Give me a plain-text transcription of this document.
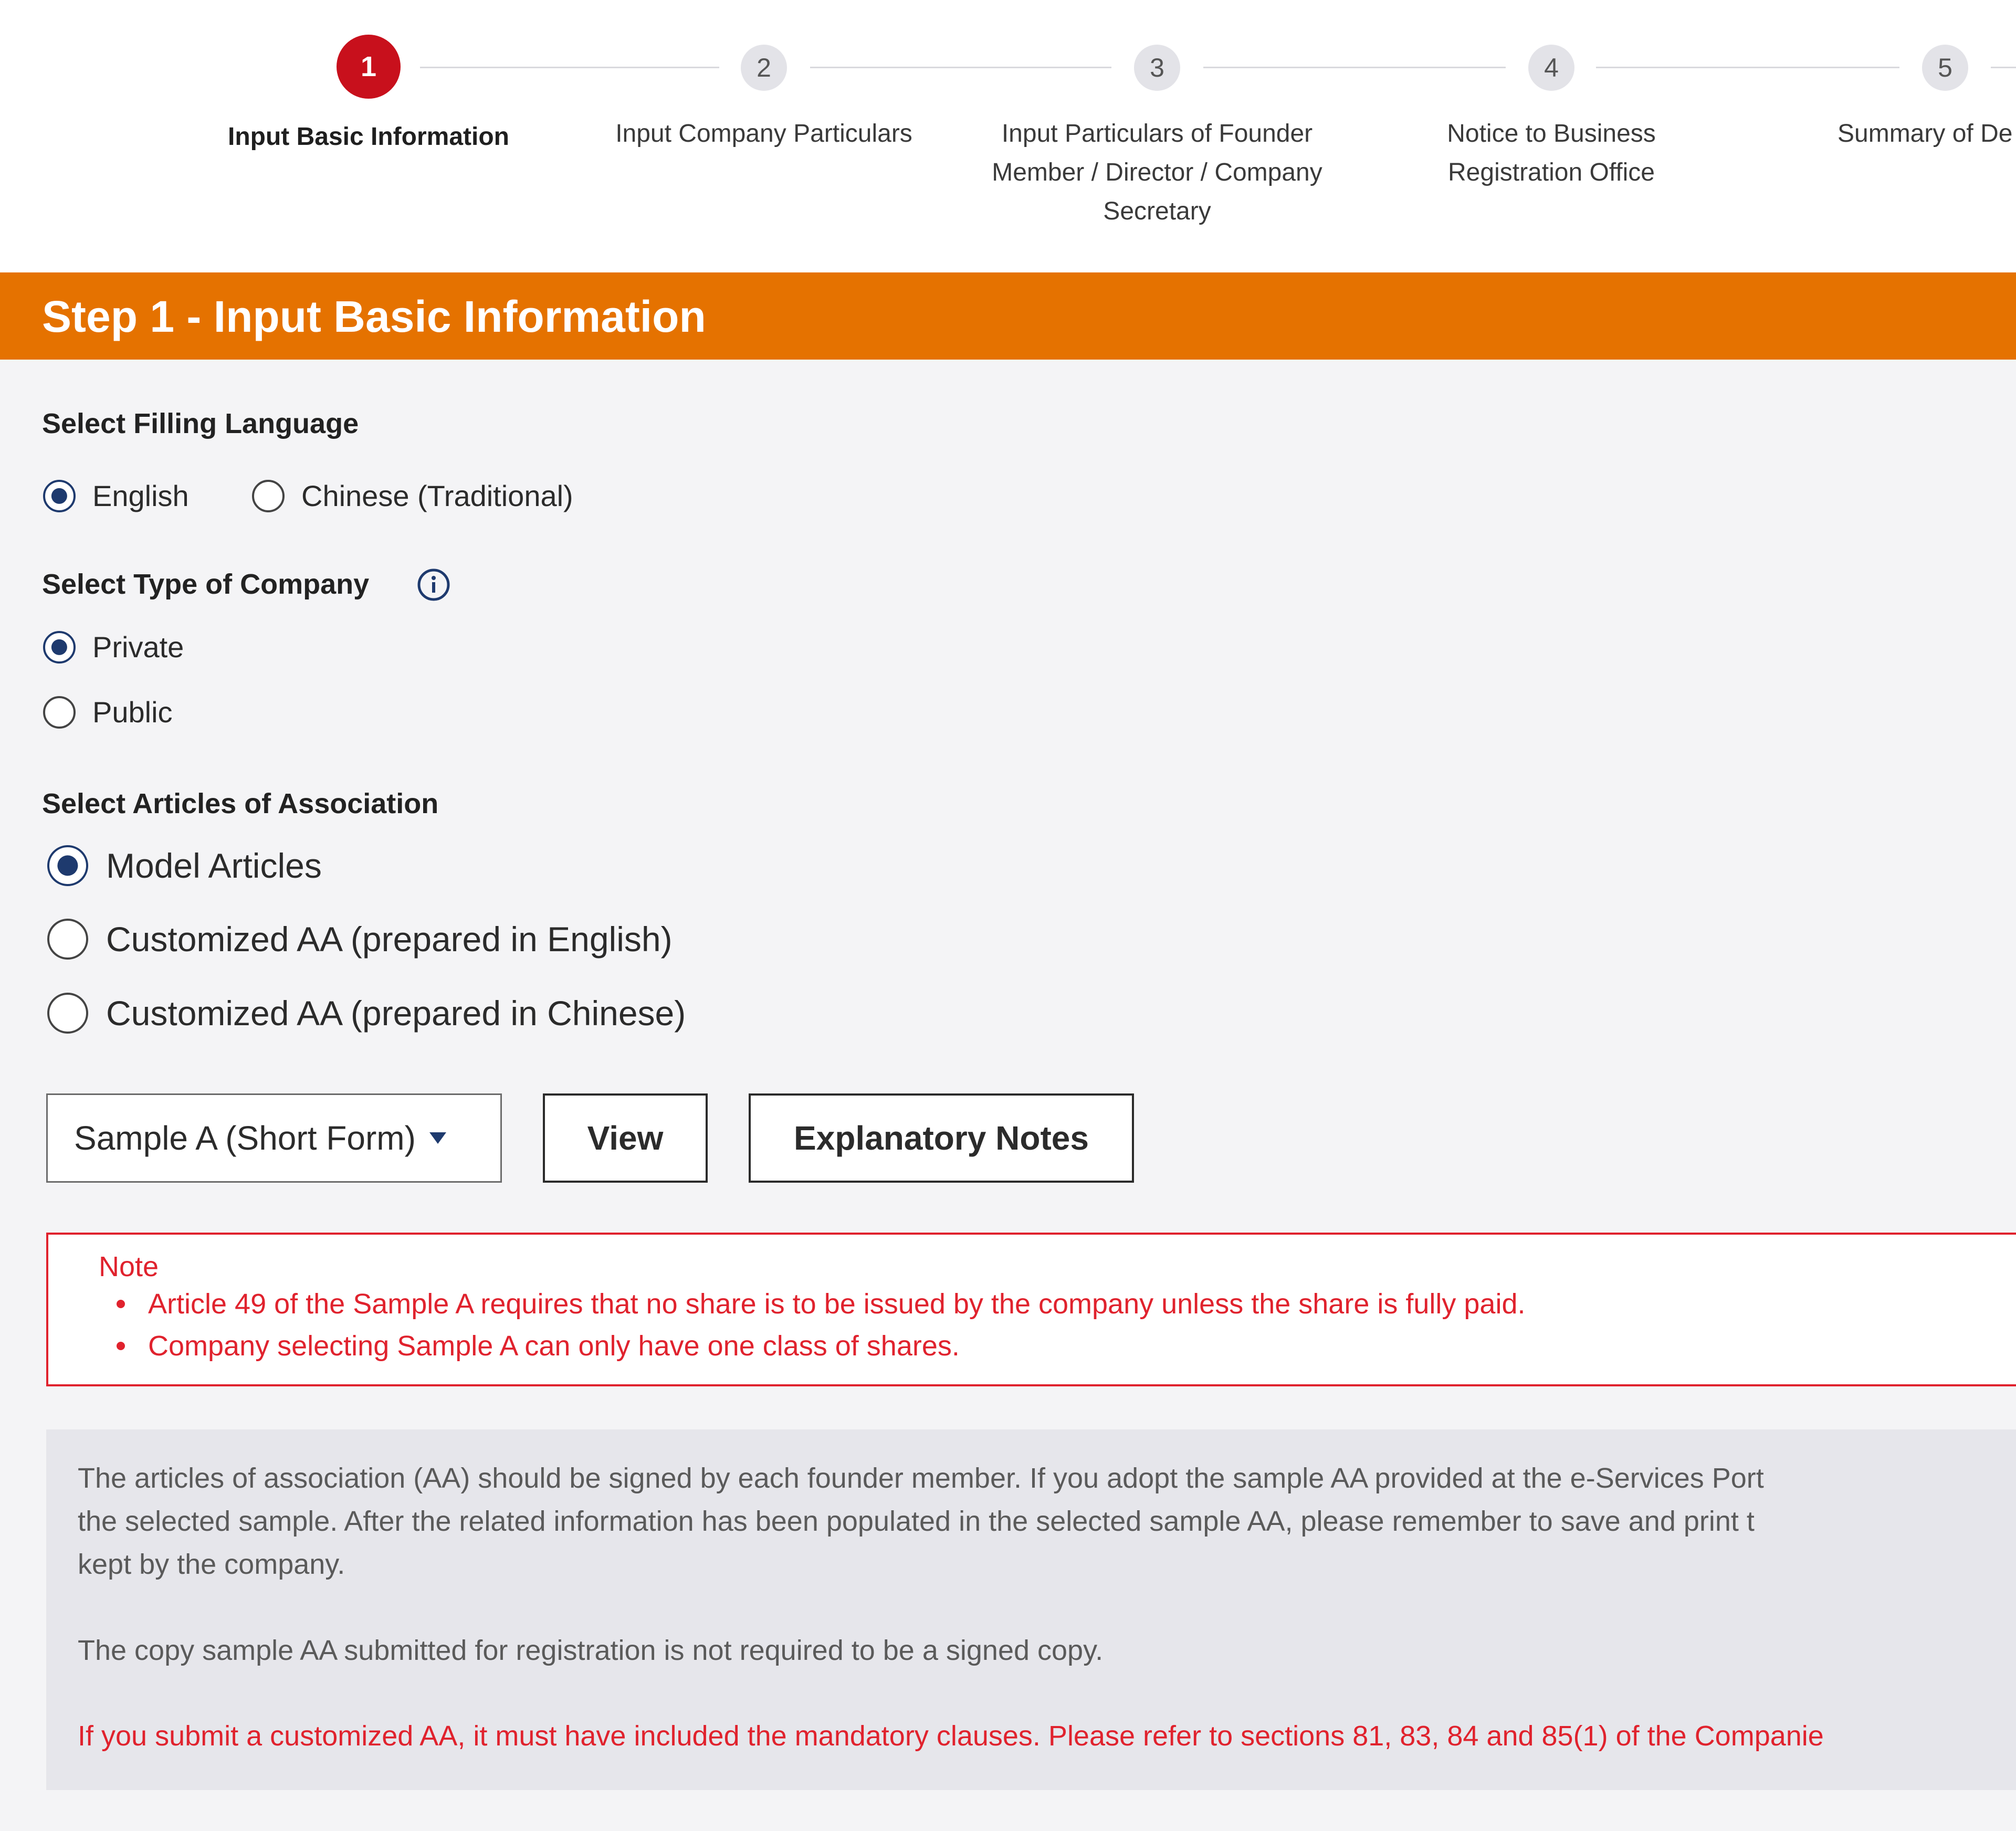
1
Input Basic Information
2
Input Company Particulars
3
Input Particulars of Founder Member / Director / Company Secretary
4
Notice to Business Registration Office
5
Summary of De
Step 1 - Input Basic Information
Select Filling Language
English	Chinese (Traditional)
Select Type of Company
Private
Public
Select Articles of Association
Model Articles
Customized AA (prepared in English)
Customized AA (prepared in Chinese)
Sample A (Short Form)	View	Explanatory Notes
Note
Article 49 of the Sample A requires that no share is to be issued by the company unless the share is fully paid.
Company selecting Sample A can only have one class of shares.

The articles of association (AA) should be signed by each founder member. If you adopt the sample AA provided at the e-Services Port

the selected sample. After the related information has been populated in the selected sample AA, please remember to save and print t

kept by the company.

The copy sample AA submitted for registration is not required to be a signed copy.

If you submit a customized AA, it must have included the mandatory clauses. Please refer to sections 81, 83, 84 and 85(1) of the Companie
